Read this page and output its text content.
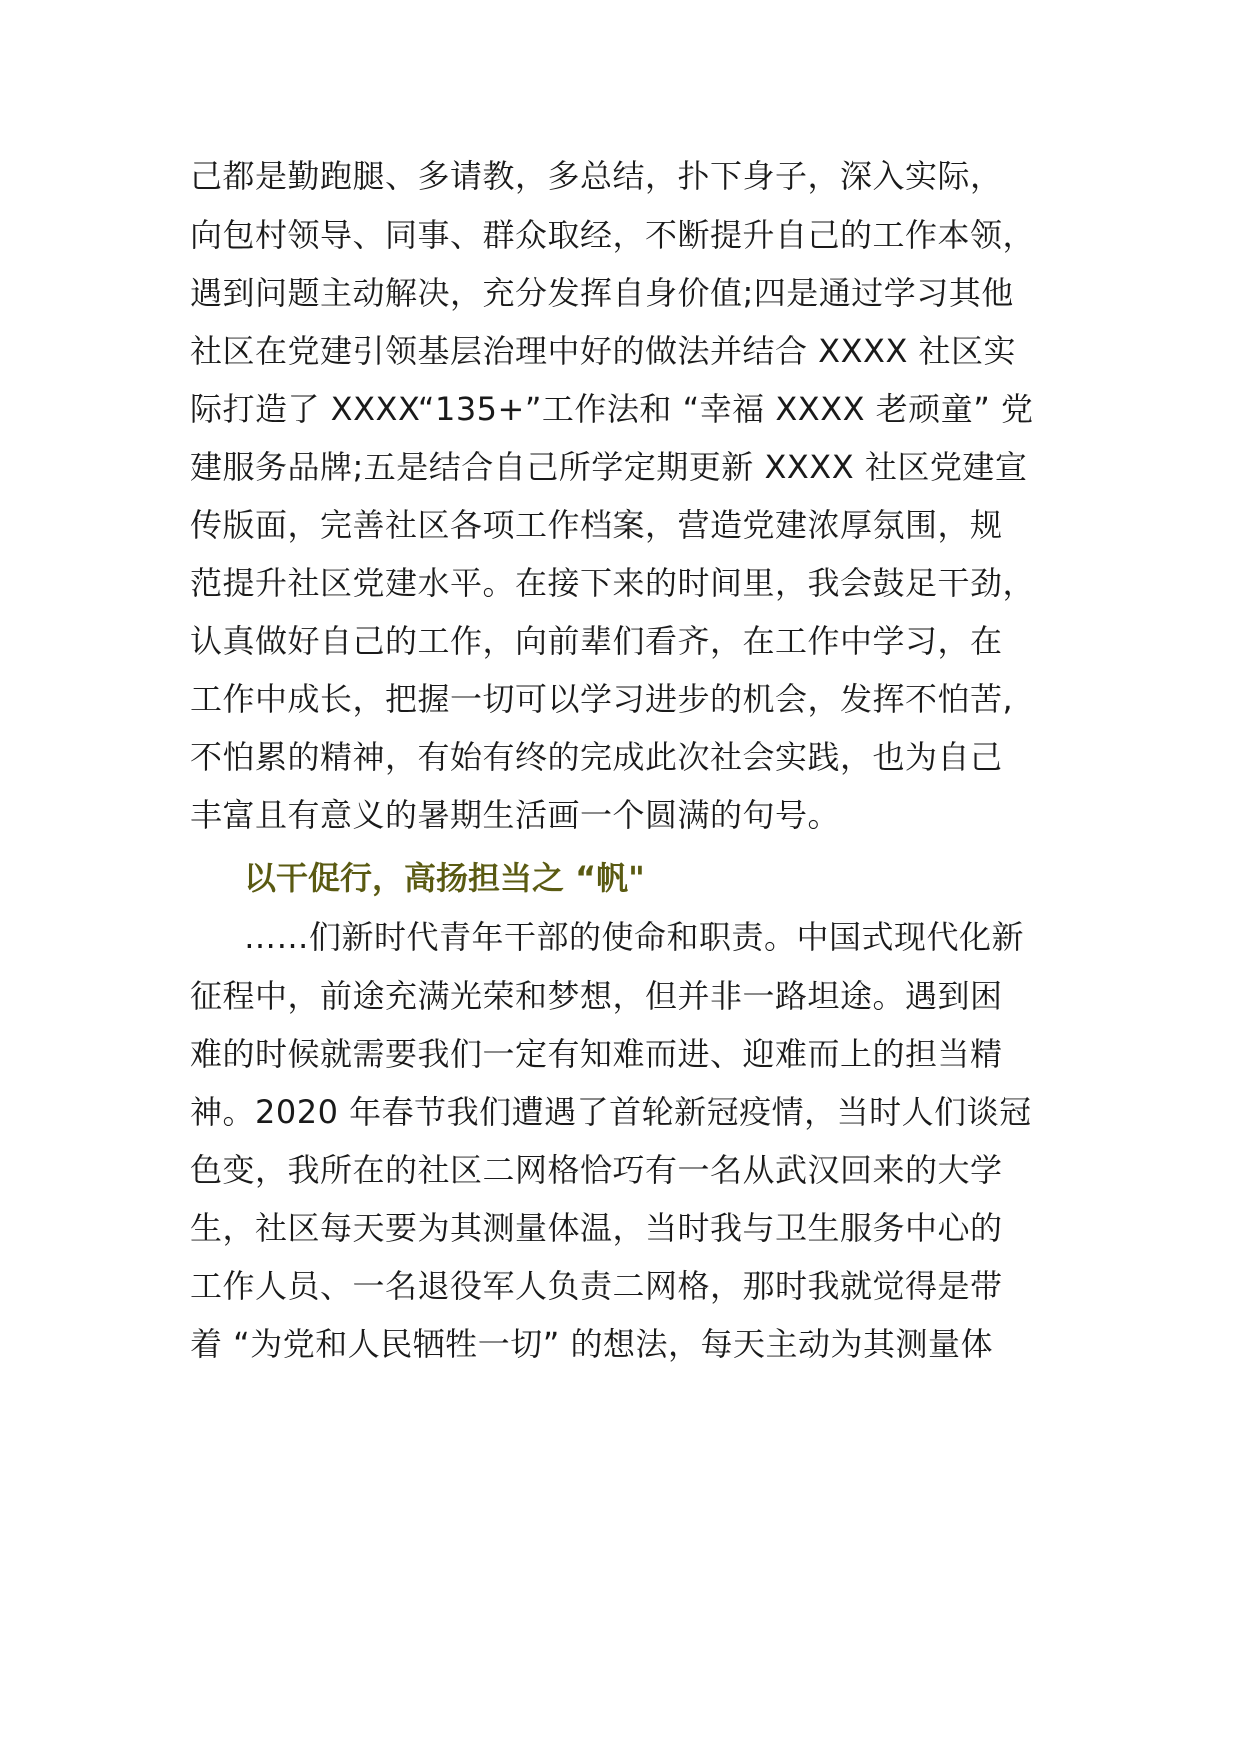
己都是勤跑腿、多请教，多总结，扑下身子，深入实际，
向包村领导、同事、群众取经，不断提升自己的工作本领，
遇到问题主动解决，充分发挥自身价值;四是通过学习其他
社区在党建引领基层治理中好的做法并结合 XXXX 社区实
际打造了 XXXX“135+”工作法和 “幸福 XXXX 老顽童” 党
建服务品牌;五是结合自己所学定期更新 XXXX 社区党建宣
传版面，完善社区各项工作档案，营造党建浓厚氛围，规
范提升社区党建水平。在接下来的时间里，我会鼓足干劲，
认真做好自己的工作，向前辈们看齐，在工作中学习，在
工作中成长，把握一切可以学习进步的机会，发挥不怕苦,
不怕累的精神，有始有终的完成此次社会实践，也为自己
丰富且有意义的暑期生活画一个圆满的句号。
以干促行，高扬担当之 “帆"
……们新时代青年干部的使命和职责。中国式现代化新
征程中，前途充满光荣和梦想，但并非一路坦途。遇到困
难的时候就需要我们一定有知难而进、迎难而上的担当精
神。2020 年春节我们遭遇了首轮新冠疫情，当时人们谈冠
色变，我所在的社区二网格恰巧有一名从武汉回来的大学
生，社区每天要为其测量体温，当时我与卫生服务中心的
工作人员、一名退役军人负责二网格，那时我就觉得是带
着 “为党和人民牺牲一切” 的想法，每天主动为其测量体
